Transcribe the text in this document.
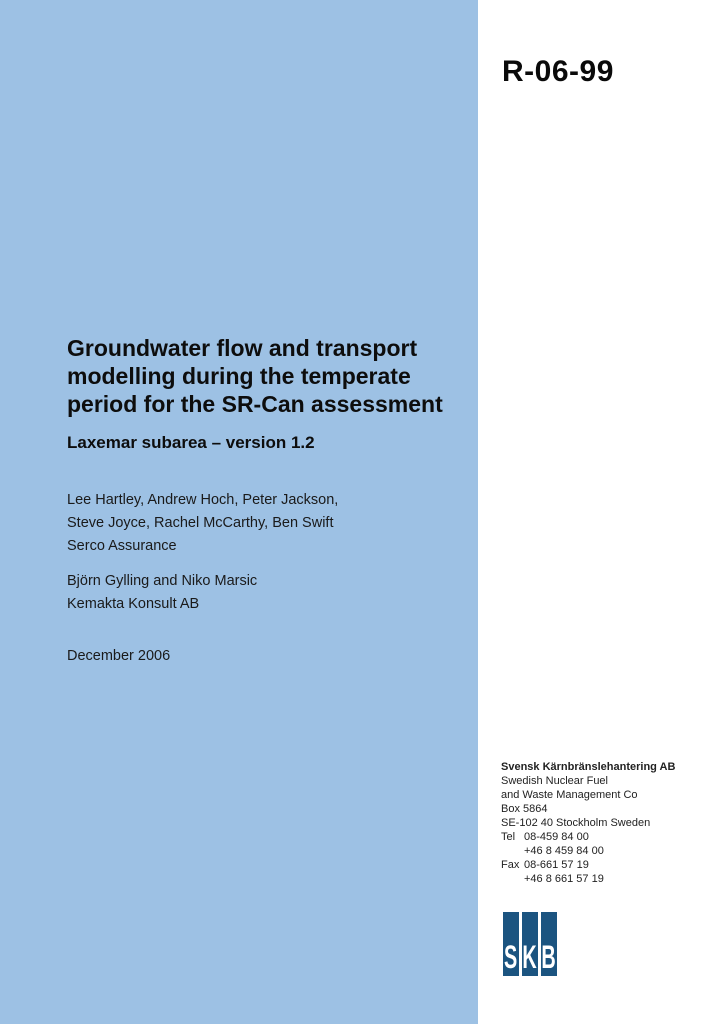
R-06-99
Groundwater flow and transport
modelling during the temperate
period for the SR-Can assessment
Laxemar subarea – version 1.2
Lee Hartley, Andrew Hoch, Peter Jackson,
Steve Joyce, Rachel McCarthy, Ben Swift
Serco Assurance
Björn Gylling and Niko Marsic
Kemakta Konsult AB
December 2006
Svensk Kärnbränslehantering AB
Swedish Nuclear Fuel
and Waste Management Co
Box 5864
SE-102 40 Stockholm Sweden
Tel 08-459 84 00
+46 8 459 84 00
Fax 08-661 57 19
+46 8 661 57 19
S K B
